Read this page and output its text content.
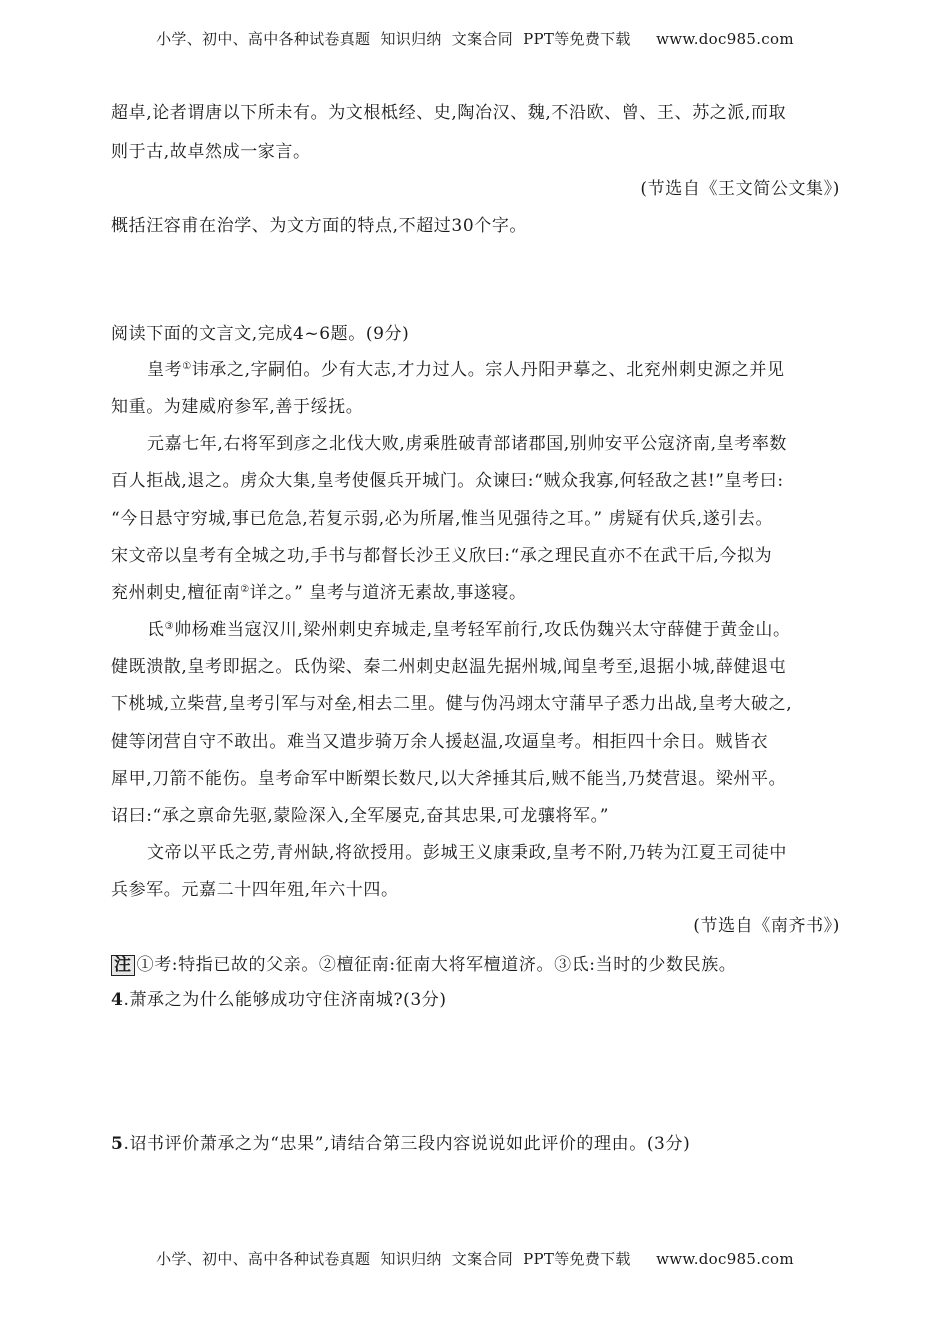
小学、初中、高中各种试卷真题  知识归纳  文案合同  PPT等免费下载     www.doc985.com
超卓,论者谓唐以下所未有。为文根柢经、史,陶冶汉、魏,不沿欧、曾、王、苏之派,而取
则于古,故卓然成一家言。
(节选自《王文简公文集》)
概括汪容甫在治学、为文方面的特点,不超过30个字。
阅读下面的文言文,完成4~6题。(9分)
皇考①讳承之,字嗣伯。少有大志,才力过人。宗人丹阳尹摹之、北兖州刺史源之并见
知重。为建威府参军,善于绥抚。
元嘉七年,右将军到彦之北伐大败,虏乘胜破青部诸郡国,别帅安平公寇济南,皇考率数
百人拒战,退之。虏众大集,皇考使偃兵开城门。众谏曰:“贼众我寡,何轻敌之甚!”皇考曰:
“今日悬守穷城,事已危急,若复示弱,必为所屠,惟当见强待之耳。” 虏疑有伏兵,遂引去。
宋文帝以皇考有全城之功,手书与都督长沙王义欣曰:“承之理民直亦不在武干后,今拟为
兖州刺史,檀征南②详之。” 皇考与道济无素故,事遂寝。
氐③帅杨难当寇汉川,梁州刺史弃城走,皇考轻军前行,攻氐伪魏兴太守薛健于黄金山。
健既溃散,皇考即据之。氐伪梁、秦二州刺史赵温先据州城,闻皇考至,退据小城,薛健退屯
下桃城,立柴营,皇考引军与对垒,相去二里。健与伪冯翊太守蒲早子悉力出战,皇考大破之,
健等闭营自守不敢出。难当又遣步骑万余人援赵温,攻逼皇考。相拒四十余日。贼皆衣
犀甲,刀箭不能伤。皇考命军中断槊长数尺,以大斧捶其后,贼不能当,乃焚营退。梁州平。
诏曰:“承之禀命先驱,蒙险深入,全军屡克,奋其忠果,可龙骧将军。”
文帝以平氐之劳,青州缺,将欲授用。彭城王义康秉政,皇考不附,乃转为江夏王司徒中
兵参军。元嘉二十四年殂,年六十四。
(节选自《南齐书》)
注 ①考:特指已故的父亲。②檀征南:征南大将军檀道济。③氐:当时的少数民族。
4.萧承之为什么能够成功守住济南城?(3分)
5.诏书评价萧承之为“忠果”,请结合第三段内容说说如此评价的理由。(3分)
小学、初中、高中各种试卷真题  知识归纳  文案合同  PPT等免费下载     www.doc985.com
